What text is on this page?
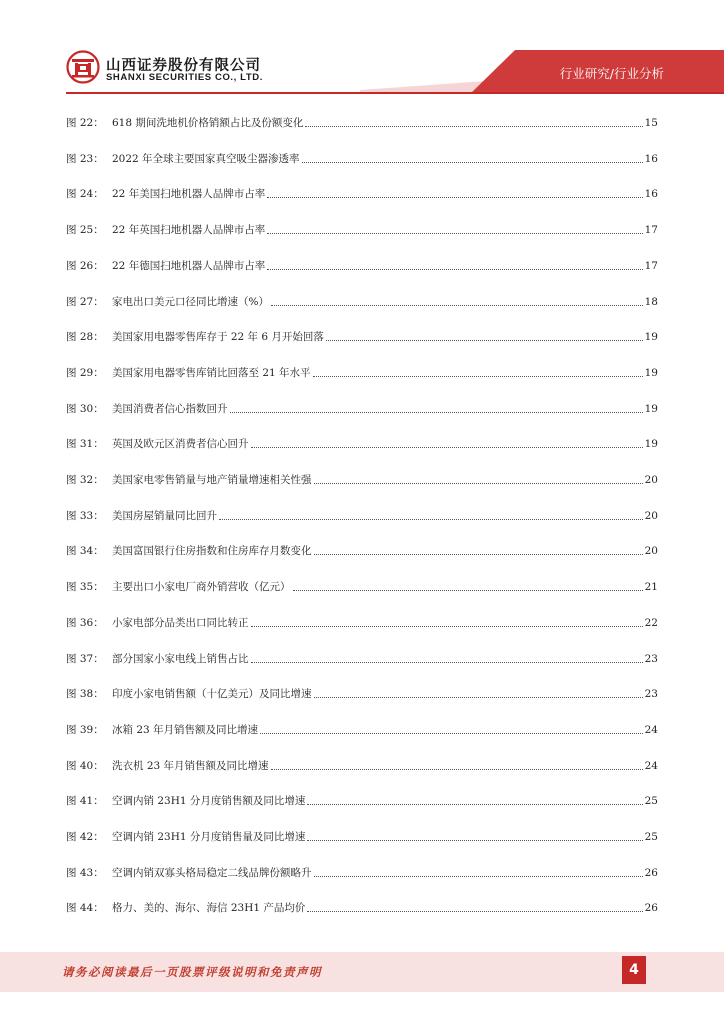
山西证券股份有限公司
SHANXI SECURITIES CO., LTD.	行业研究/行业分析
图 22： 618 期间洗地机价格销额占比及份额变化	15
图 23： 2022 年全球主要国家真空吸尘器渗透率	16
图 24： 22 年美国扫地机器人品牌市占率	16
图 25： 22 年英国扫地机器人品牌市占率	17
图 26： 22 年德国扫地机器人品牌市占率	17
图 27： 家电出口美元口径同比增速（%）	18
图 28： 美国家用电器零售库存于 22 年 6 月开始回落	19
图 29： 美国家用电器零售库销比回落至 21 年水平	19
图 30： 美国消费者信心指数回升	19
图 31： 英国及欧元区消费者信心回升	19
图 32： 美国家电零售销量与地产销量增速相关性强	20
图 33： 美国房屋销量同比回升	20
图 34： 美国富国银行住房指数和住房库存月数变化	20
图 35： 主要出口小家电厂商外销营收（亿元）	21
图 36： 小家电部分品类出口同比转正	22
图 37： 部分国家小家电线上销售占比	23
图 38： 印度小家电销售额（十亿美元）及同比增速	23
图 39： 冰箱 23 年月销售额及同比增速	24
图 40： 洗衣机 23 年月销售额及同比增速	24
图 41： 空调内销 23H1 分月度销售额及同比增速	25
图 42： 空调内销 23H1 分月度销售量及同比增速	25
图 43： 空调内销双寡头格局稳定二线品牌份额略升	26
图 44： 格力、美的、海尔、海信 23H1 产品均价	26
请务必阅读最后一页股票评级说明和免责声明	4
